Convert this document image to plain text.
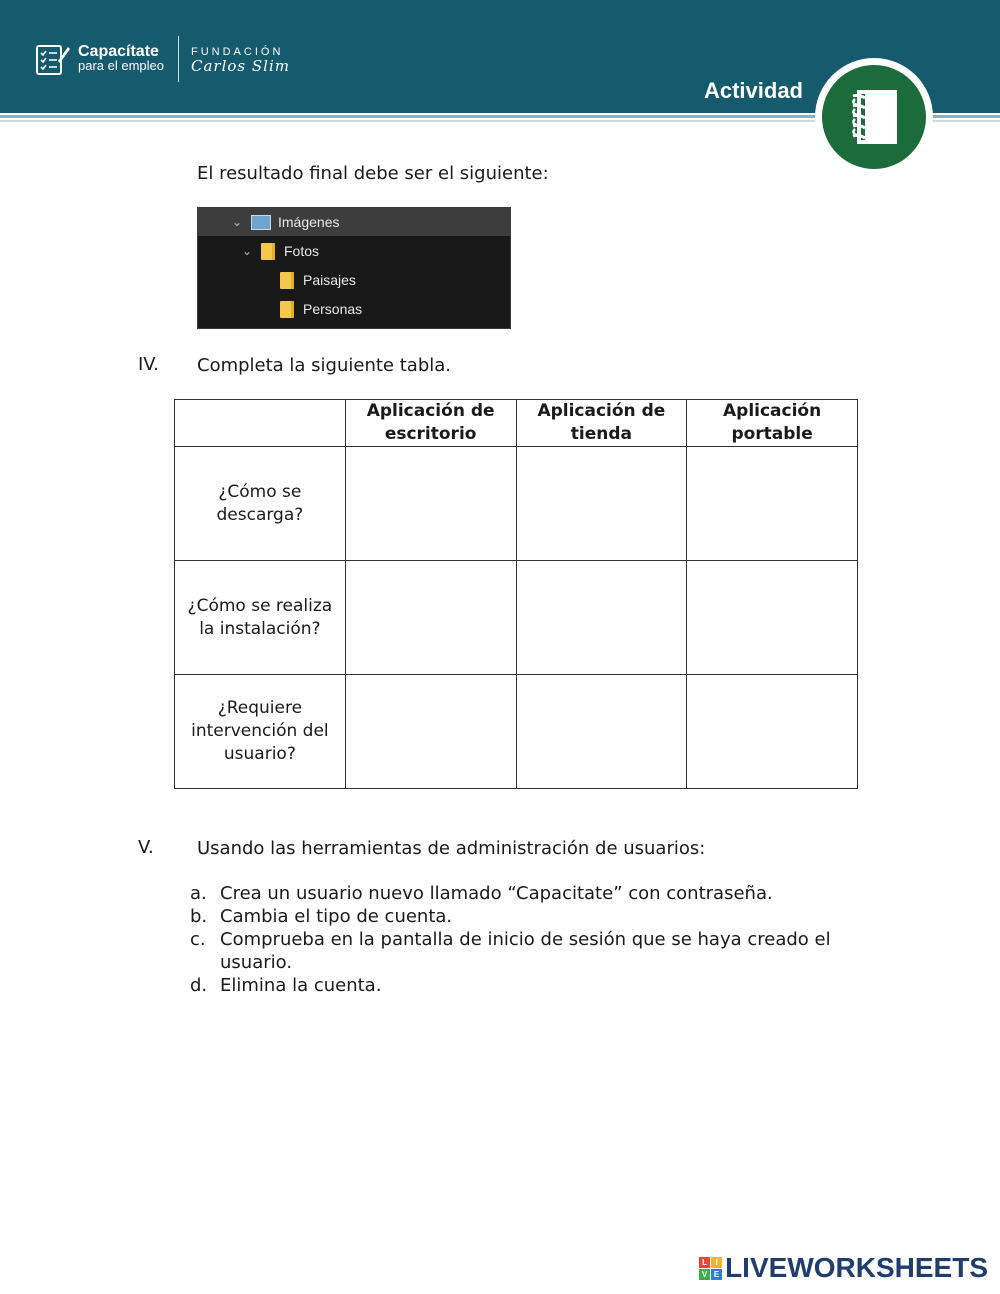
Capacítate
para el empleo
FUNDACIÓN
Carlos Slim
Actividad
El resultado final debe ser el siguiente:
⌄	Imágenes
⌄ Fotos
Paisajes
Personas
IV. Completa la siguiente tabla.
	Aplicación de escritorio	Aplicación de tienda	Aplicación portable
¿Cómo se descarga?			
¿Cómo se realiza la instalación?			
¿Requiere intervención del usuario?			
V. Usando las herramientas de administración de usuarios:
a. Crea un usuario nuevo llamado “Capacitate” con contraseña.
b. Cambia el tipo de cuenta.
c. Comprueba en la pantalla de inicio de sesión que se haya creado el usuario.
d. Elimina la cuenta.
L	I
V E LIVEWORKSHEETS
